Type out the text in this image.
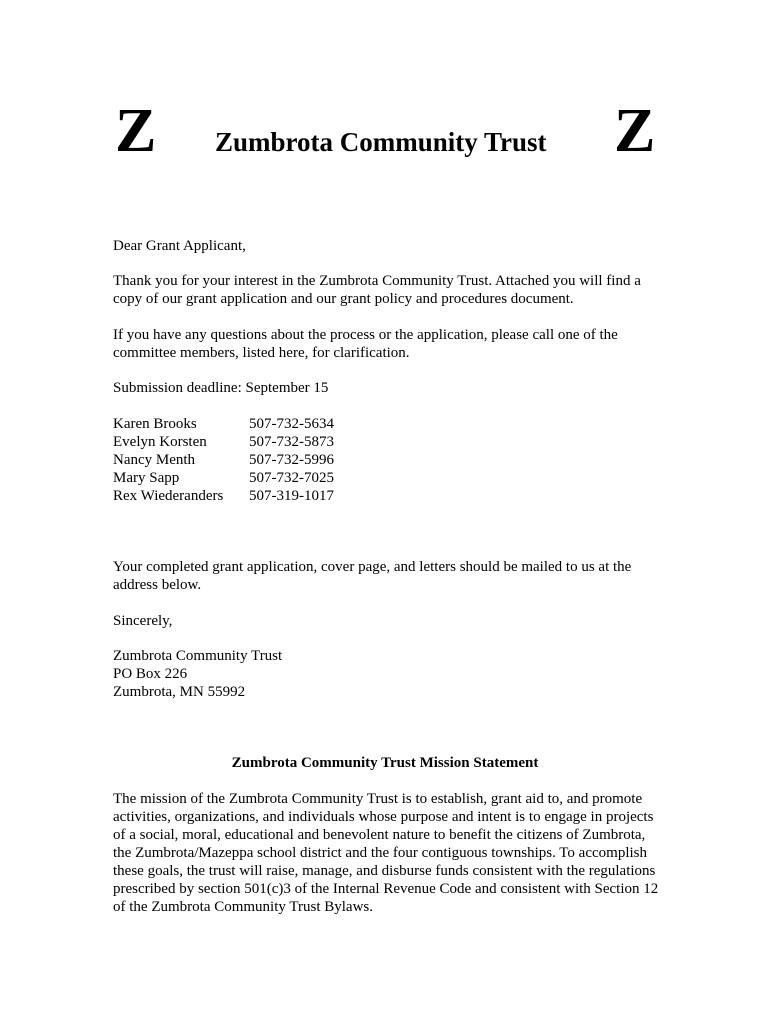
Z Zumbrota Community Trust Z
Dear Grant Applicant,
Thank you for your interest in the Zumbrota Community Trust. Attached you will find a copy of our grant application and our grant policy and procedures document.
If you have any questions about the process or the application, please call one of the committee members, listed here, for clarification.
Submission deadline: September 15
Karen Brooks	507-732-5634
Evelyn Korsten	507-732-5873
Nancy Menth	507-732-5996
Mary Sapp	507-732-7025
Rex Wiederanders 507-319-1017
Your completed grant application, cover page, and letters should be mailed to us at the address below.
Sincerely,
Zumbrota Community Trust
PO Box 226
Zumbrota, MN 55992
Zumbrota Community Trust Mission Statement
The mission of the Zumbrota Community Trust is to establish, grant aid to, and promote activities, organizations, and individuals whose purpose and intent is to engage in projects of a social, moral, educational and benevolent nature to benefit the citizens of Zumbrota, the Zumbrota/Mazeppa school district and the four contiguous townships. To accomplish these goals, the trust will raise, manage, and disburse funds consistent with the regulations prescribed by section 501(c)3 of the Internal Revenue Code and consistent with Section 12 of the Zumbrota Community Trust Bylaws.
